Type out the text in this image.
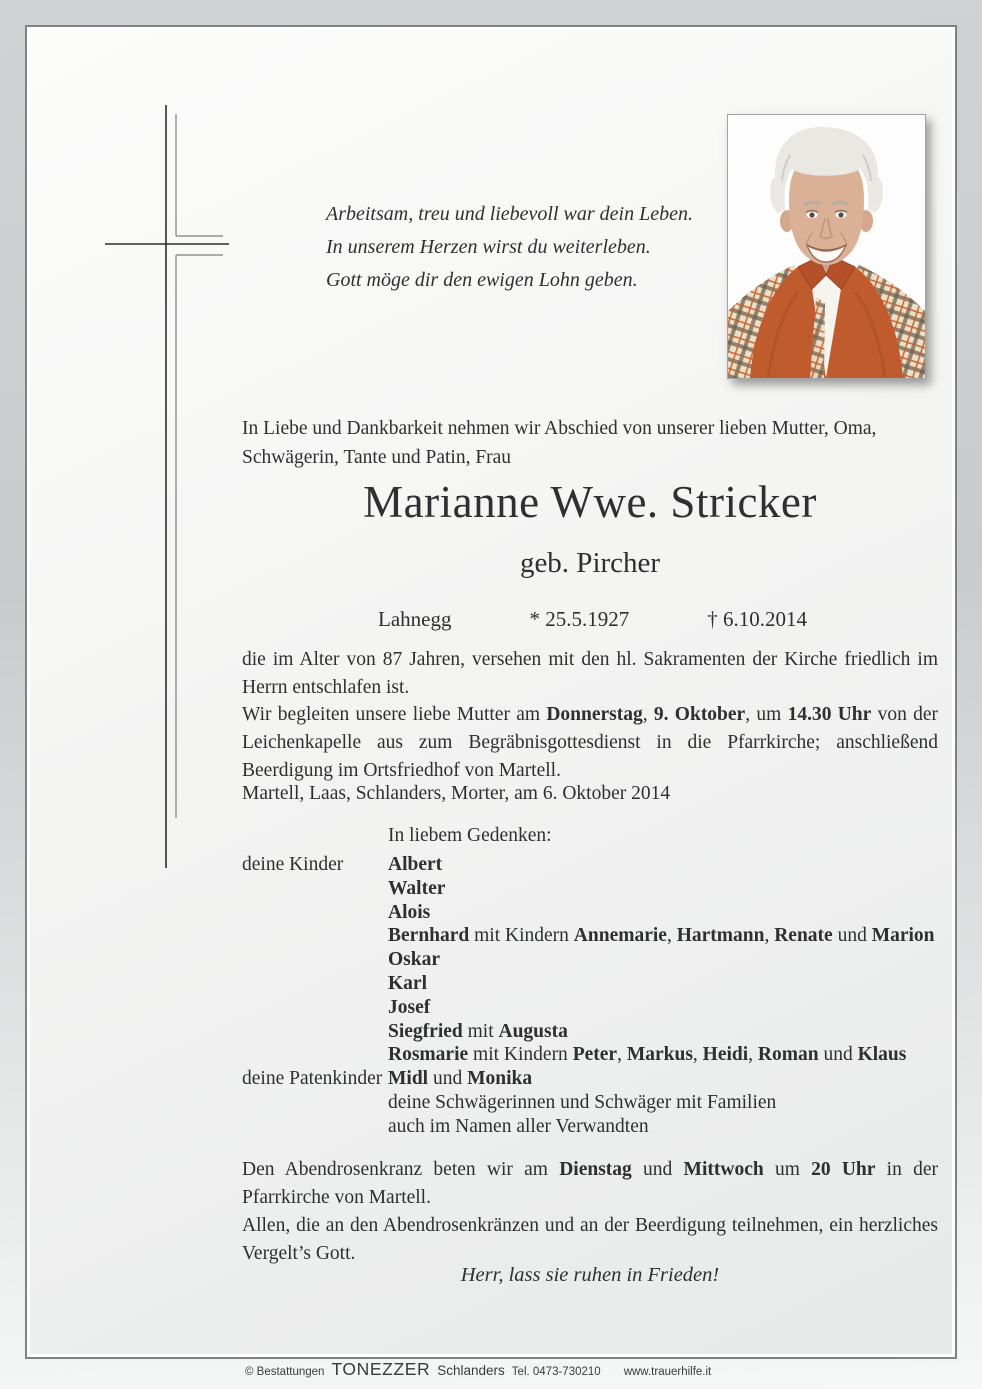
Arbeitsam, treu und liebevoll war dein Leben.
In unserem Herzen wirst du weiterleben.
Gott möge dir den ewigen Lohn geben.
In Liebe und Dankbarkeit nehmen wir Abschied von unserer lieben Mutter, Oma, Schwägerin, Tante und Patin, Frau
Marianne Wwe. Stricker
geb. Pircher
Lahnegg	* 25.5.1927	† 6.10.2014
die im Alter von 87 Jahren, versehen mit den hl. Sakramenten der Kirche friedlich im Herrn entschlafen ist.
Wir begleiten unsere liebe Mutter am Donnerstag, 9. Oktober, um 14.30 Uhr von der Leichenkapelle aus zum Begräbnisgottesdienst in die Pfarrkirche; anschließend Beerdigung im Ortsfriedhof von Martell.
Martell, Laas, Schlanders, Morter, am 6. Oktober 2014
In liebem Gedenken:
deine Kinder Albert
Walter
Alois
Bernhard mit Kindern Annemarie, Hartmann, Renate und Marion
Oskar
Karl
Josef
Siegfried mit Augusta
Rosmarie mit Kindern Peter, Markus, Heidi, Roman und Klaus
deine Patenkinder Midl und Monika
deine Schwägerinnen und Schwäger mit Familien
auch im Namen aller Verwandten
Den Abendrosenkranz beten wir am Dienstag und Mittwoch um 20 Uhr in der Pfarrkirche von Martell.
Allen, die an den Abendrosenkränzen und an der Beerdigung teilnehmen, ein herzliches Vergelt’s Gott.
Herr, lass sie ruhen in Frieden!
© Bestattungen TONEZZER Schlanders Tel. 0473-730210 www.trauerhilfe.it
